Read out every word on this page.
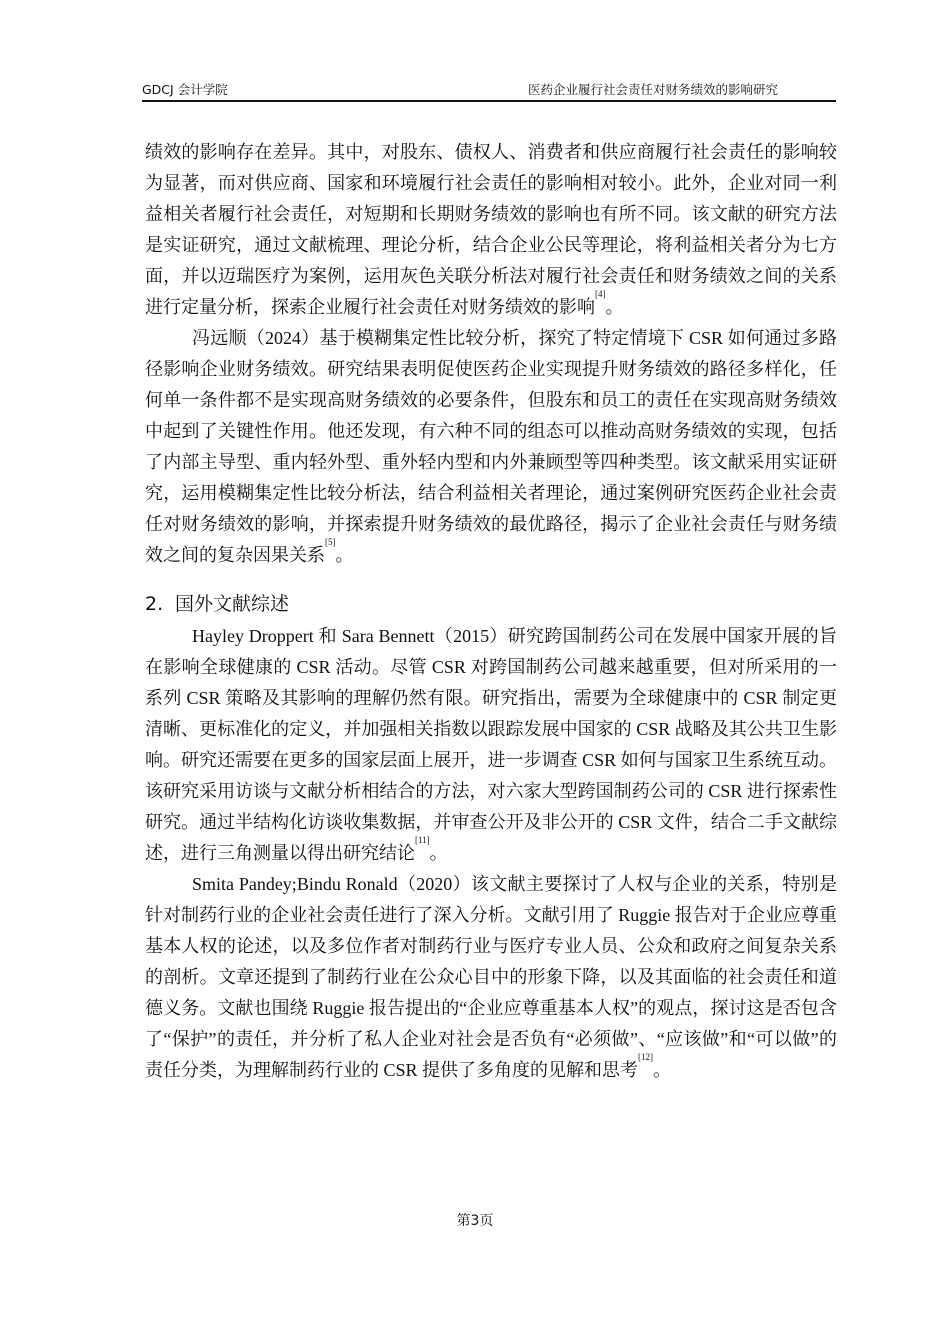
GDCJ 会计学院	医药企业履行社会责任对财务绩效的影响研究

绩效的影响存在差异。其中，对股东、债权人、消费者和供应商履行社会责任的影响较为显著，而对供应商、国家和环境履行社会责任的影响相对较小。此外，企业对同一利益相关者履行社会责任，对短期和长期财务绩效的影响也有所不同。该文献的研究方法是实证研究，通过文献梳理、理论分析，结合企业公民等理论，将利益相关者分为七方面，并以迈瑞医疗为案例，运用灰色关联分析法对履行社会责任和财务绩效之间的关系进行定量分析，探索企业履行社会责任对财务绩效的影响[4]。

冯远顺（2024）基于模糊集定性比较分析，探究了特定情境下 CSR 如何通过多路径影响企业财务绩效。研究结果表明促使医药企业实现提升财务绩效的路径多样化，任何单一条件都不是实现高财务绩效的必要条件，但股东和员工的责任在实现高财务绩效中起到了关键性作用。他还发现，有六种不同的组态可以推动高财务绩效的实现，包括了内部主导型、重内轻外型、重外轻内型和内外兼顾型等四种类型。该文献采用实证研究，运用模糊集定性比较分析法，结合利益相关者理论，通过案例研究医药企业社会责任对财务绩效的影响，并探索提升财务绩效的最优路径，揭示了企业社会责任与财务绩效之间的复杂因果关系[5]。

2. 国外文献综述

Hayley Droppert 和 Sara Bennett（2015）研究跨国制药公司在发展中国家开展的旨在影响全球健康的 CSR 活动。尽管 CSR 对跨国制药公司越来越重要，但对所采用的一系列 CSR 策略及其影响的理解仍然有限。研究指出，需要为全球健康中的 CSR 制定更清晰、更标准化的定义，并加强相关指数以跟踪发展中国家的 CSR 战略及其公共卫生影响。研究还需要在更多的国家层面上展开，进一步调查 CSR 如何与国家卫生系统互动。该研究采用访谈与文献分析相结合的方法，对六家大型跨国制药公司的 CSR 进行探索性研究。通过半结构化访谈收集数据，并审查公开及非公开的 CSR 文件，结合二手文献综述，进行三角测量以得出研究结论[11]。

Smita Pandey;Bindu Ronald（2020）该文献主要探讨了人权与企业的关系，特别是针对制药行业的企业社会责任进行了深入分析。文献引用了 Ruggie 报告对于企业应尊重基本人权的论述，以及多位作者对制药行业与医疗专业人员、公众和政府之间复杂关系的剖析。文章还提到了制药行业在公众心目中的形象下降，以及其面临的社会责任和道德义务。文献也围绕 Ruggie 报告提出的“企业应尊重基本人权”的观点，探讨这是否包含了“保护”的责任，并分析了私人企业对社会是否负有“必须做”、“应该做”和“可以做”的责任分类，为理解制药行业的 CSR 提供了多角度的见解和思考[12]。

第3页
